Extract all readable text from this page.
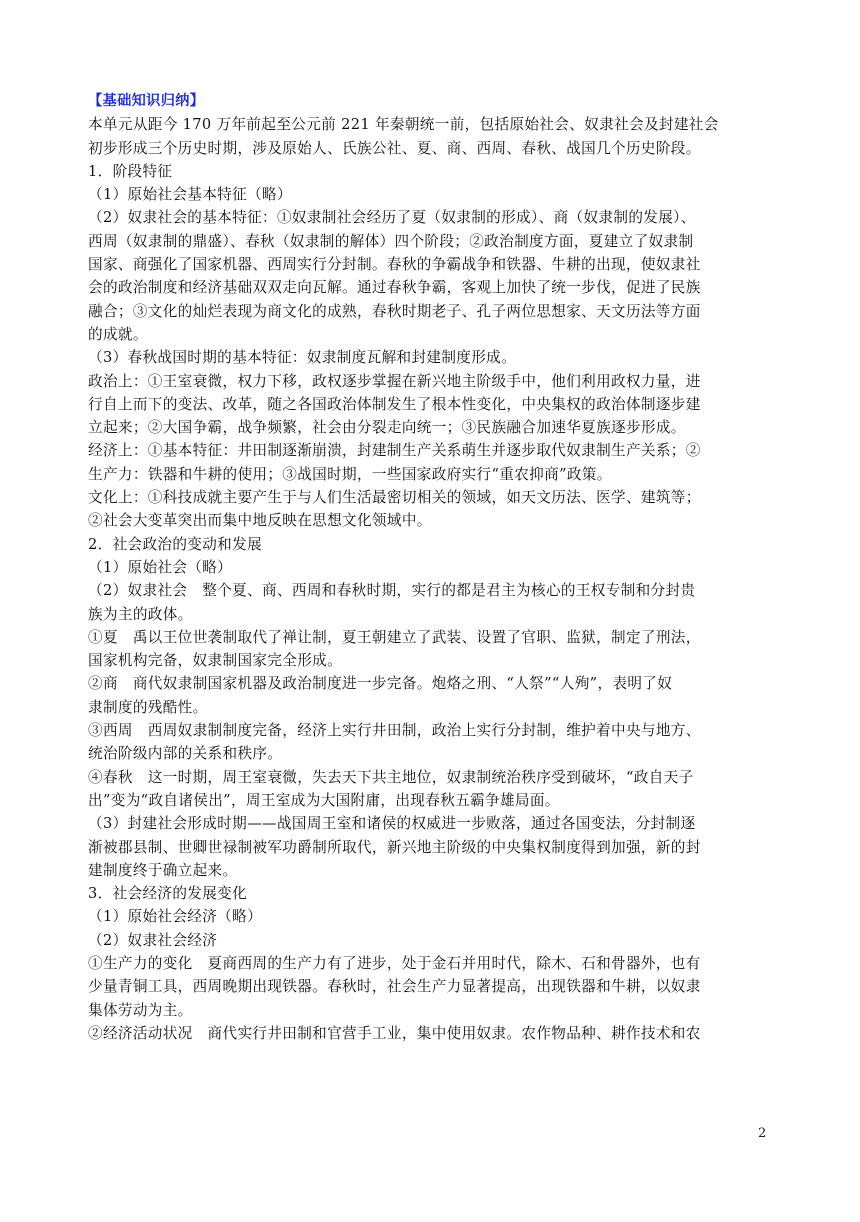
【基础知识归纳】
本单元从距今 170 万年前起至公元前 221 年秦朝统一前，包括原始社会、奴隶社会及封建社会
初步形成三个历史时期，涉及原始人、氏族公社、夏、商、西周、春秋、战国几个历史阶段。
1．阶段特征
（1）原始社会基本特征（略）
（2）奴隶社会的基本特征：①奴隶制社会经历了夏（奴隶制的形成）、商（奴隶制的发展）、
西周（奴隶制的鼎盛）、春秋（奴隶制的解体）四个阶段；②政治制度方面，夏建立了奴隶制
国家、商强化了国家机器、西周实行分封制。春秋的争霸战争和铁器、牛耕的出现，使奴隶社
会的政治制度和经济基础双双走向瓦解。通过春秋争霸，客观上加快了统一步伐，促进了民族
融合；③文化的灿烂表现为商文化的成熟，春秋时期老子、孔子两位思想家、天文历法等方面
的成就。
（3）春秋战国时期的基本特征：奴隶制度瓦解和封建制度形成。
政治上：①王室衰微，权力下移，政权逐步掌握在新兴地主阶级手中，他们利用政权力量，进
行自上而下的变法、改革，随之各国政治体制发生了根本性变化，中央集权的政治体制逐步建
立起来；②大国争霸，战争频繁，社会由分裂走向统一；③民族融合加速华夏族逐步形成。
经济上：①基本特征：井田制逐渐崩溃，封建制生产关系萌生并逐步取代奴隶制生产关系；②
生产力：铁器和牛耕的使用；③战国时期，一些国家政府实行“重农抑商”政策。
文化上：①科技成就主要产生于与人们生活最密切相关的领域，如天文历法、医学、建筑等；
②社会大变革突出而集中地反映在思想文化领域中。
2．社会政治的变动和发展
（1）原始社会（略）
（2）奴隶社会　整个夏、商、西周和春秋时期，实行的都是君主为核心的王权专制和分封贵
族为主的政体。
①夏　禹以王位世袭制取代了禅让制，夏王朝建立了武装、设置了官职、监狱，制定了刑法，
国家机构完备，奴隶制国家完全形成。
②商　商代奴隶制国家机器及政治制度进一步完备。炮烙之刑、“人祭”“人殉”，表明了奴
隶制度的残酷性。
③西周　西周奴隶制制度完备，经济上实行井田制，政治上实行分封制，维护着中央与地方、
统治阶级内部的关系和秩序。
④春秋　这一时期，周王室衰微，失去天下共主地位，奴隶制统治秩序受到破坏，“政自天子
出”变为“政自诸侯出”，周王室成为大国附庸，出现春秋五霸争雄局面。
（3）封建社会形成时期——战国周王室和诸侯的权威进一步败落，通过各国变法，分封制逐
渐被郡县制、世卿世禄制被军功爵制所取代，新兴地主阶级的中央集权制度得到加强，新的封
建制度终于确立起来。
3．社会经济的发展变化
（1）原始社会经济（略）
（2）奴隶社会经济
①生产力的变化　夏商西周的生产力有了进步，处于金石并用时代，除木、石和骨器外，也有
少量青铜工具，西周晚期出现铁器。春秋时，社会生产力显著提高，出现铁器和牛耕，以奴隶
集体劳动为主。
②经济活动状况　商代实行井田制和官营手工业，集中使用奴隶。农作物品种、耕作技术和农
2
